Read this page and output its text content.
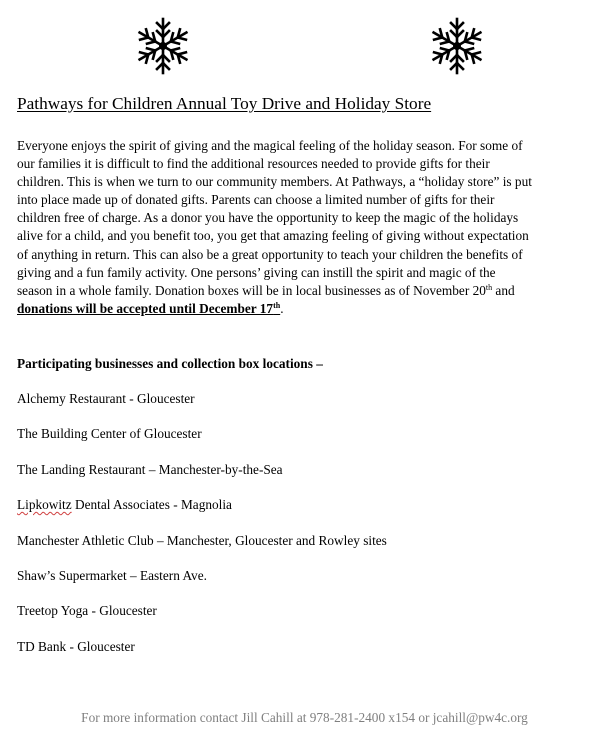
Pathways for Children Annual Toy Drive and Holiday Store
Everyone enjoys the spirit of giving and the magical feeling of the holiday season. For some of
our families it is difficult to find the additional resources needed to provide gifts for their
children. This is when we turn to our community members. At Pathways, a “holiday store” is put
into place made up of donated gifts. Parents can choose a limited number of gifts for their
children free of charge. As a donor you have the opportunity to keep the magic of the holidays
alive for a child, and you benefit too, you get that amazing feeling of giving without expectation
of anything in return. This can also be a great opportunity to teach your children the benefits of
giving and a fun family activity. One persons’ giving can instill the spirit and magic of the
season in a whole family. Donation boxes will be in local businesses as of November 20th and
donations will be accepted until December 17th.
Participating businesses and collection box locations –
Alchemy Restaurant - Gloucester
The Building Center of Gloucester
The Landing Restaurant – Manchester-by-the-Sea
Lipkowitz Dental Associates - Magnolia
Manchester Athletic Club – Manchester, Gloucester and Rowley sites
Shaw’s Supermarket – Eastern Ave.
Treetop Yoga - Gloucester
TD Bank - Gloucester
For more information contact Jill Cahill at 978-281-2400 x154 or jcahill@pw4c.org
